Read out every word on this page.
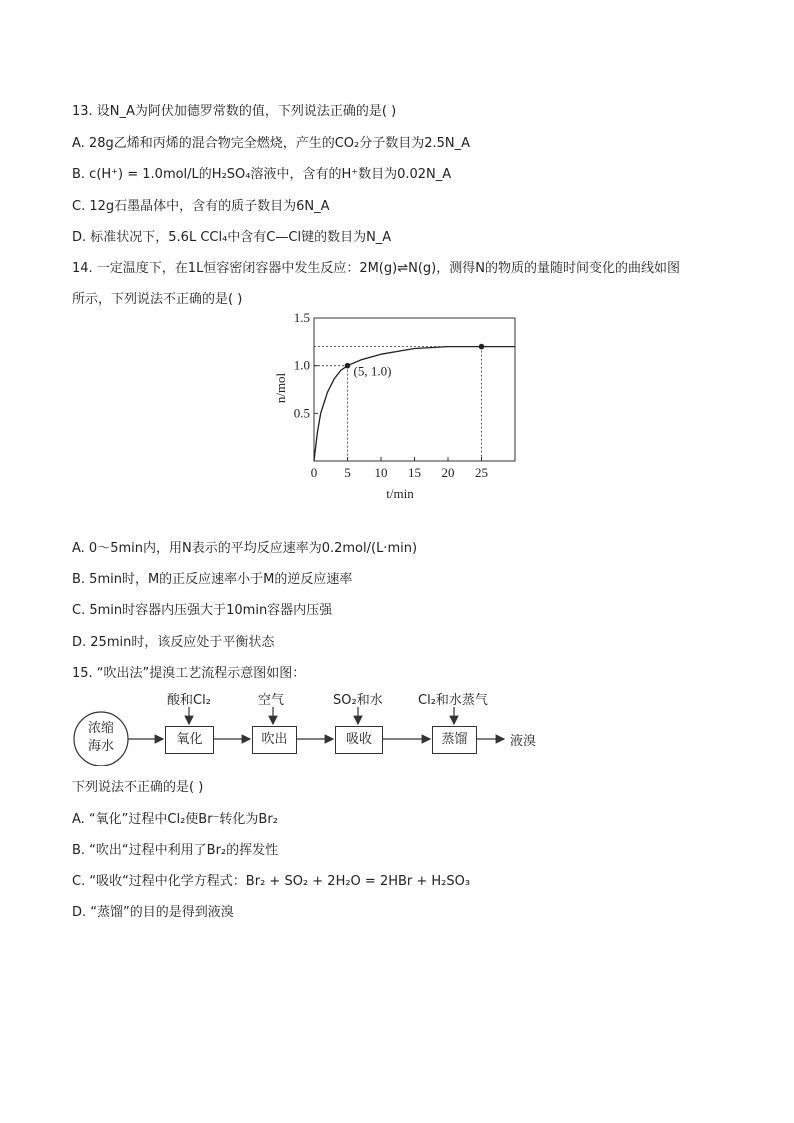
13. 设N_A为阿伏加德罗常数的值，下列说法正确的是( )
A. 28g乙烯和丙烯的混合物完全燃烧，产生的CO₂分子数目为2.5N_A
B. c(H⁺) = 1.0mol/L的H₂SO₄溶液中，含有的H⁺数目为0.02N_A
C. 12g石墨晶体中，含有的质子数目为6N_A
D. 标准状况下，5.6L CCl₄中含有C—Cl键的数目为N_A
14. 一定温度下，在1L恒容密闭容器中发生反应：2M(g)⇌N(g)，测得N的物质的量随时间变化的曲线如图
所示，下列说法不正确的是( )
0 5 10 15 20 25
0.5
1.0
1.5
(5, 1.0)
n/mol
t/min
A. 0～5min内，用N表示的平均反应速率为0.2mol/(L·min)
B. 5min时，M的正反应速率小于M的逆反应速率
C. 5min时容器内压强大于10min容器内压强
D. 25min时，该反应处于平衡状态
15. “吹出法”提溴工艺流程示意图如图：
浓缩
海水	氧化	吹出	吸收	蒸馏	液溴
酸和Cl₂	空气	SO₂和水	Cl₂和水蒸气
下列说法不正确的是( )
A. “氧化”过程中Cl₂使Br⁻转化为Br₂
B. “吹出“过程中利用了Br₂的挥发性
C. “吸收“过程中化学方程式：Br₂ + SO₂ + 2H₂O = 2HBr + H₂SO₃
D. “蒸馏”的目的是得到液溴
